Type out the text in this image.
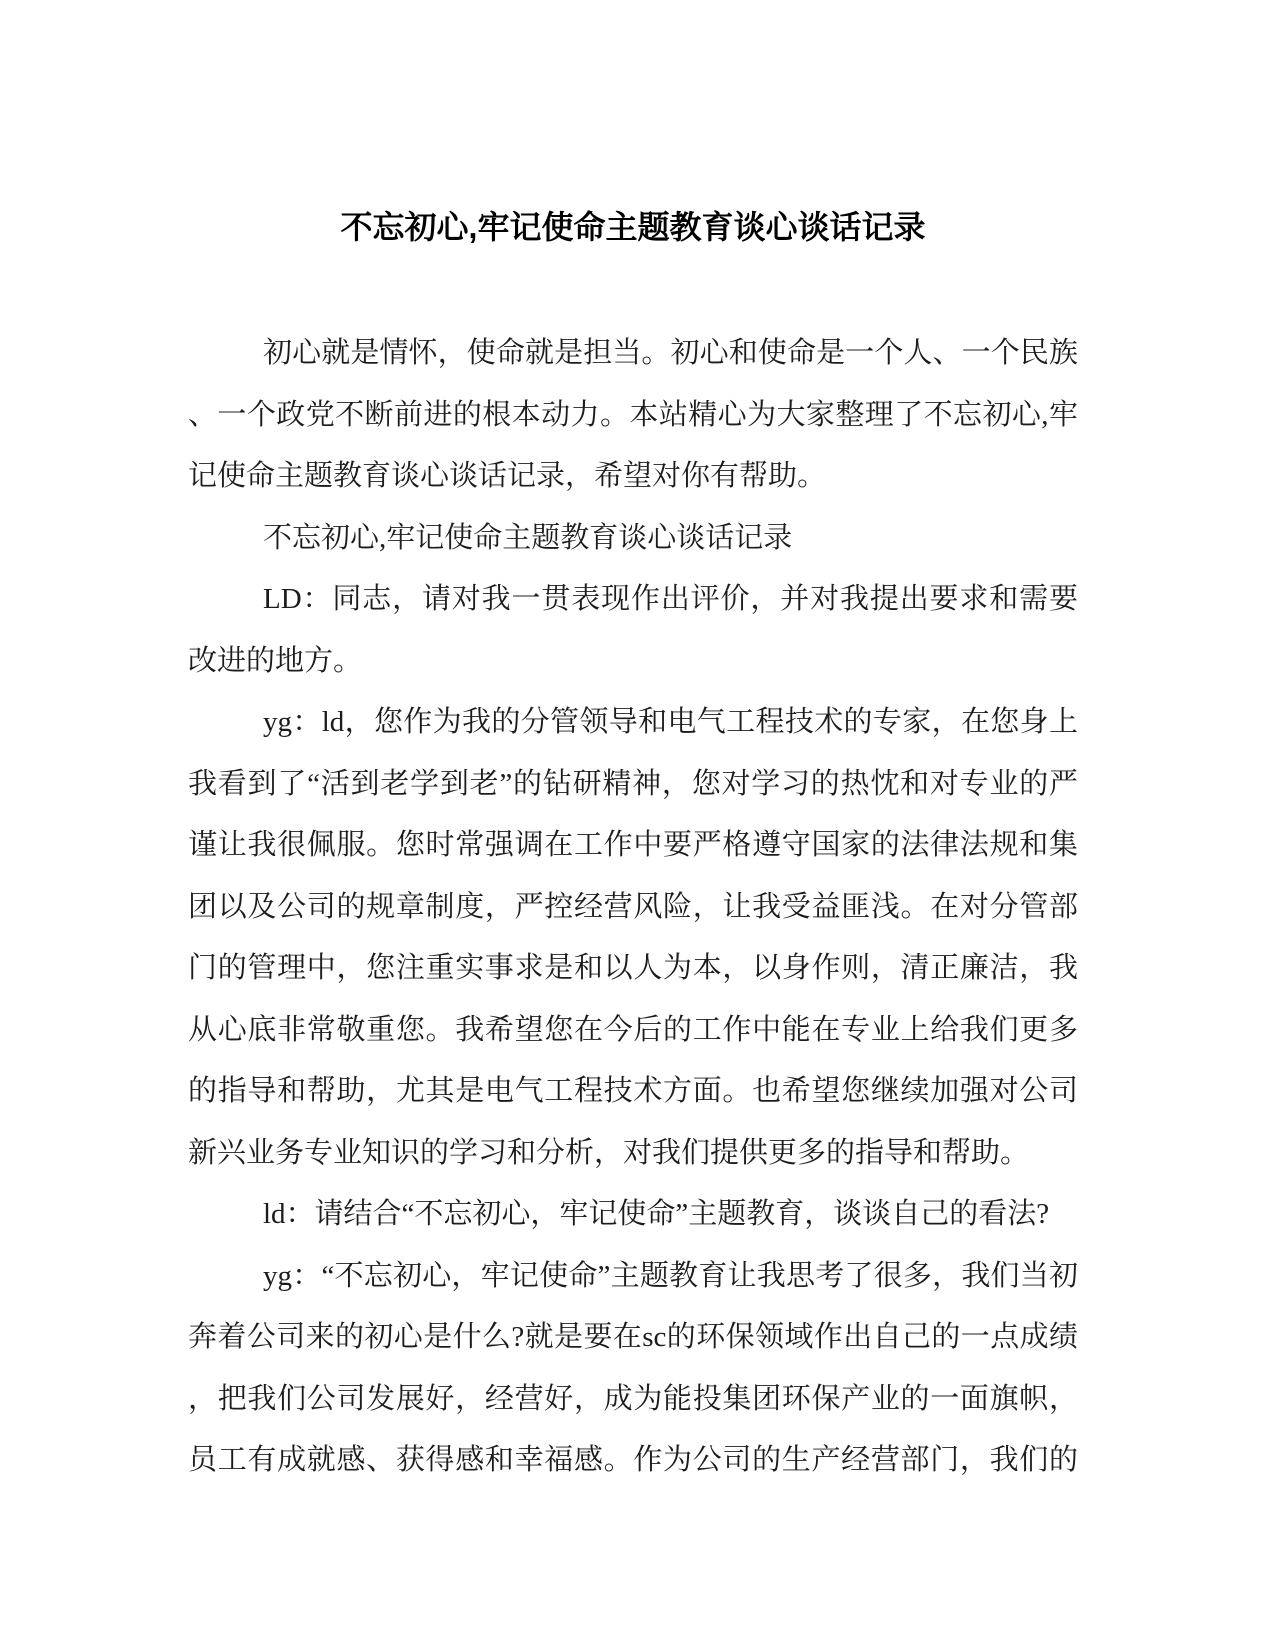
不忘初心,牢记使命主题教育谈心谈话记录
初心就是情怀，使命就是担当。初心和使命是一个人、一个民族
、一个政党不断前进的根本动力。本站精心为大家整理了不忘初心,牢
记使命主题教育谈心谈话记录，希望对你有帮助。
不忘初心,牢记使命主题教育谈心谈话记录
LD：同志，请对我一贯表现作出评价，并对我提出要求和需要
改进的地方。
yg：ld，您作为我的分管领导和电气工程技术的专家，在您身上
我看到了“活到老学到老”的钻研精神，您对学习的热忱和对专业的严
谨让我很佩服。您时常强调在工作中要严格遵守国家的法律法规和集
团以及公司的规章制度，严控经营风险，让我受益匪浅。在对分管部
门的管理中，您注重实事求是和以人为本，以身作则，清正廉洁，我
从心底非常敬重您。我希望您在今后的工作中能在专业上给我们更多
的指导和帮助，尤其是电气工程技术方面。也希望您继续加强对公司
新兴业务专业知识的学习和分析，对我们提供更多的指导和帮助。
ld：请结合“不忘初心，牢记使命”主题教育，谈谈自己的看法?
yg：“不忘初心，牢记使命”主题教育让我思考了很多，我们当初
奔着公司来的初心是什么?就是要在sc的环保领域作出自己的一点成绩
，把我们公司发展好，经营好，成为能投集团环保产业的一面旗帜，
员工有成就感、获得感和幸福感。作为公司的生产经营部门，我们的
